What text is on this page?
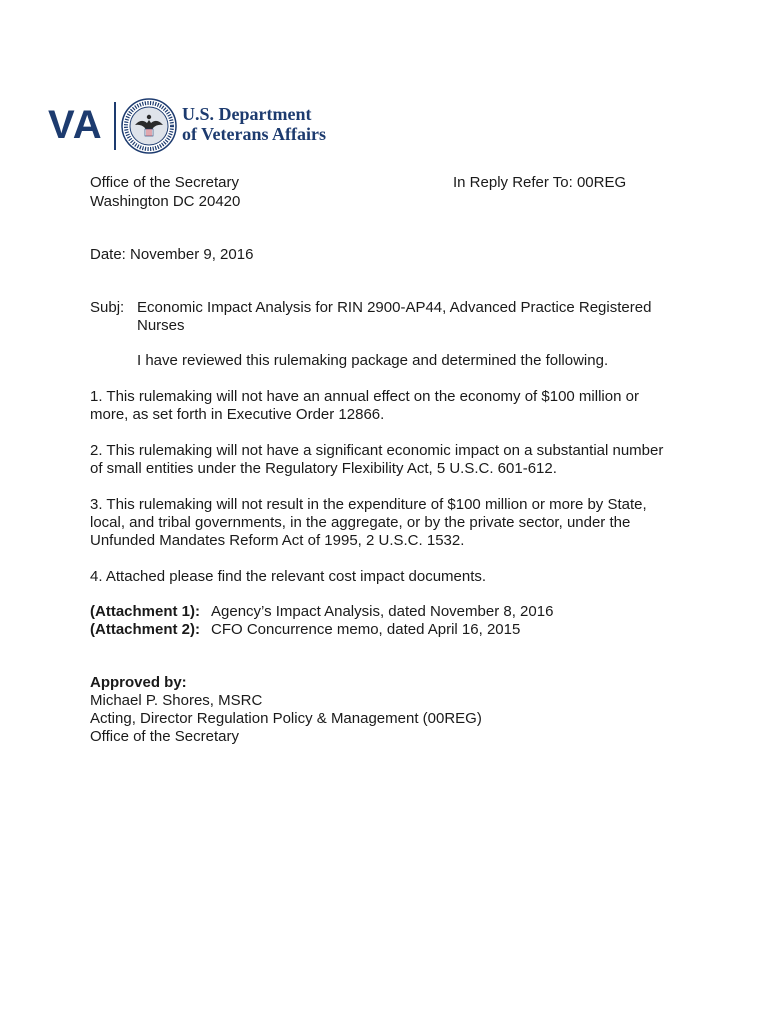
VA	U.S. Department
of Veterans Affairs
Office of the Secretary
Washington DC 20420
In Reply Refer To: 00REG
Date: November 9, 2016
Subj: Economic Impact Analysis for RIN 2900-AP44, Advanced Practice Registered
Nurses
I have reviewed this rulemaking package and determined the following.
1. This rulemaking will not have an annual effect on the economy of $100 million or
more, as set forth in Executive Order 12866.
2. This rulemaking will not have a significant economic impact on a substantial number
of small entities under the Regulatory Flexibility Act, 5 U.S.C. 601-612.
3. This rulemaking will not result in the expenditure of $100 million or more by State,
local, and tribal governments, in the aggregate, or by the private sector, under the
Unfunded Mandates Reform Act of 1995, 2 U.S.C. 1532.
4. Attached please find the relevant cost impact documents.
(Attachment 1): Agency’s Impact Analysis, dated November 8, 2016
(Attachment 2): CFO Concurrence memo, dated April 16, 2015
Approved by:
Michael P. Shores, MSRC
Acting, Director Regulation Policy & Management (00REG)
Office of the Secretary
